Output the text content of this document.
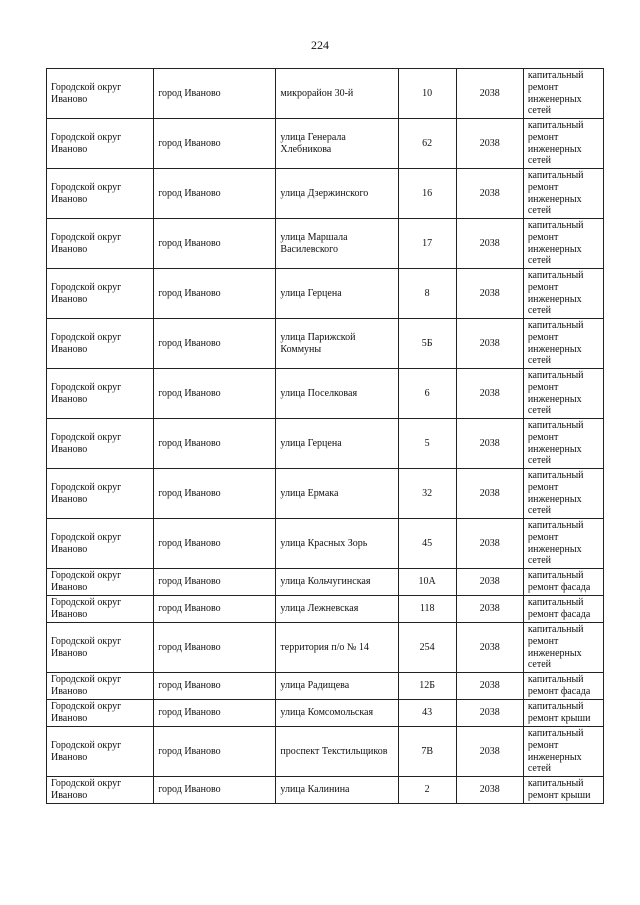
224
Городской округ Иваново	город Иваново	микрорайон 30-й	10	2038	капитальный ремонт инженерных сетей
Городской округ Иваново	город Иваново	улица Генерала Хлебникова	62	2038	капитальный ремонт инженерных сетей
Городской округ Иваново	город Иваново	улица Дзержинского	16	2038	капитальный ремонт инженерных сетей
Городской округ Иваново	город Иваново	улица Маршала Василевского	17	2038	капитальный ремонт инженерных сетей
Городской округ Иваново	город Иваново	улица Герцена	8	2038	капитальный ремонт инженерных сетей
Городской округ Иваново	город Иваново	улица Парижской Коммуны	5Б	2038	капитальный ремонт инженерных сетей
Городской округ Иваново	город Иваново	улица Поселковая	6	2038	капитальный ремонт инженерных сетей
Городской округ Иваново	город Иваново	улица Герцена	5	2038	капитальный ремонт инженерных сетей
Городской округ Иваново	город Иваново	улица Ермака	32	2038	капитальный ремонт инженерных сетей
Городской округ Иваново	город Иваново	улица Красных Зорь	45	2038	капитальный ремонт инженерных сетей
Городской округ Иваново	город Иваново	улица Кольчугинская	10А	2038	капитальный ремонт фасада
Городской округ Иваново	город Иваново	улица Лежневская	118	2038	капитальный ремонт фасада
Городской округ Иваново	город Иваново	территория п/о № 14	254	2038	капитальный ремонт инженерных сетей
Городской округ Иваново	город Иваново	улица Радищева	12Б	2038	капитальный ремонт фасада
Городской округ Иваново	город Иваново	улица Комсомольская	43	2038	капитальный ремонт крыши
Городской округ Иваново	город Иваново	проспект Текстильщиков	7В	2038	капитальный ремонт инженерных сетей
Городской округ Иваново	город Иваново	улица Калинина	2	2038	капитальный ремонт крыши
